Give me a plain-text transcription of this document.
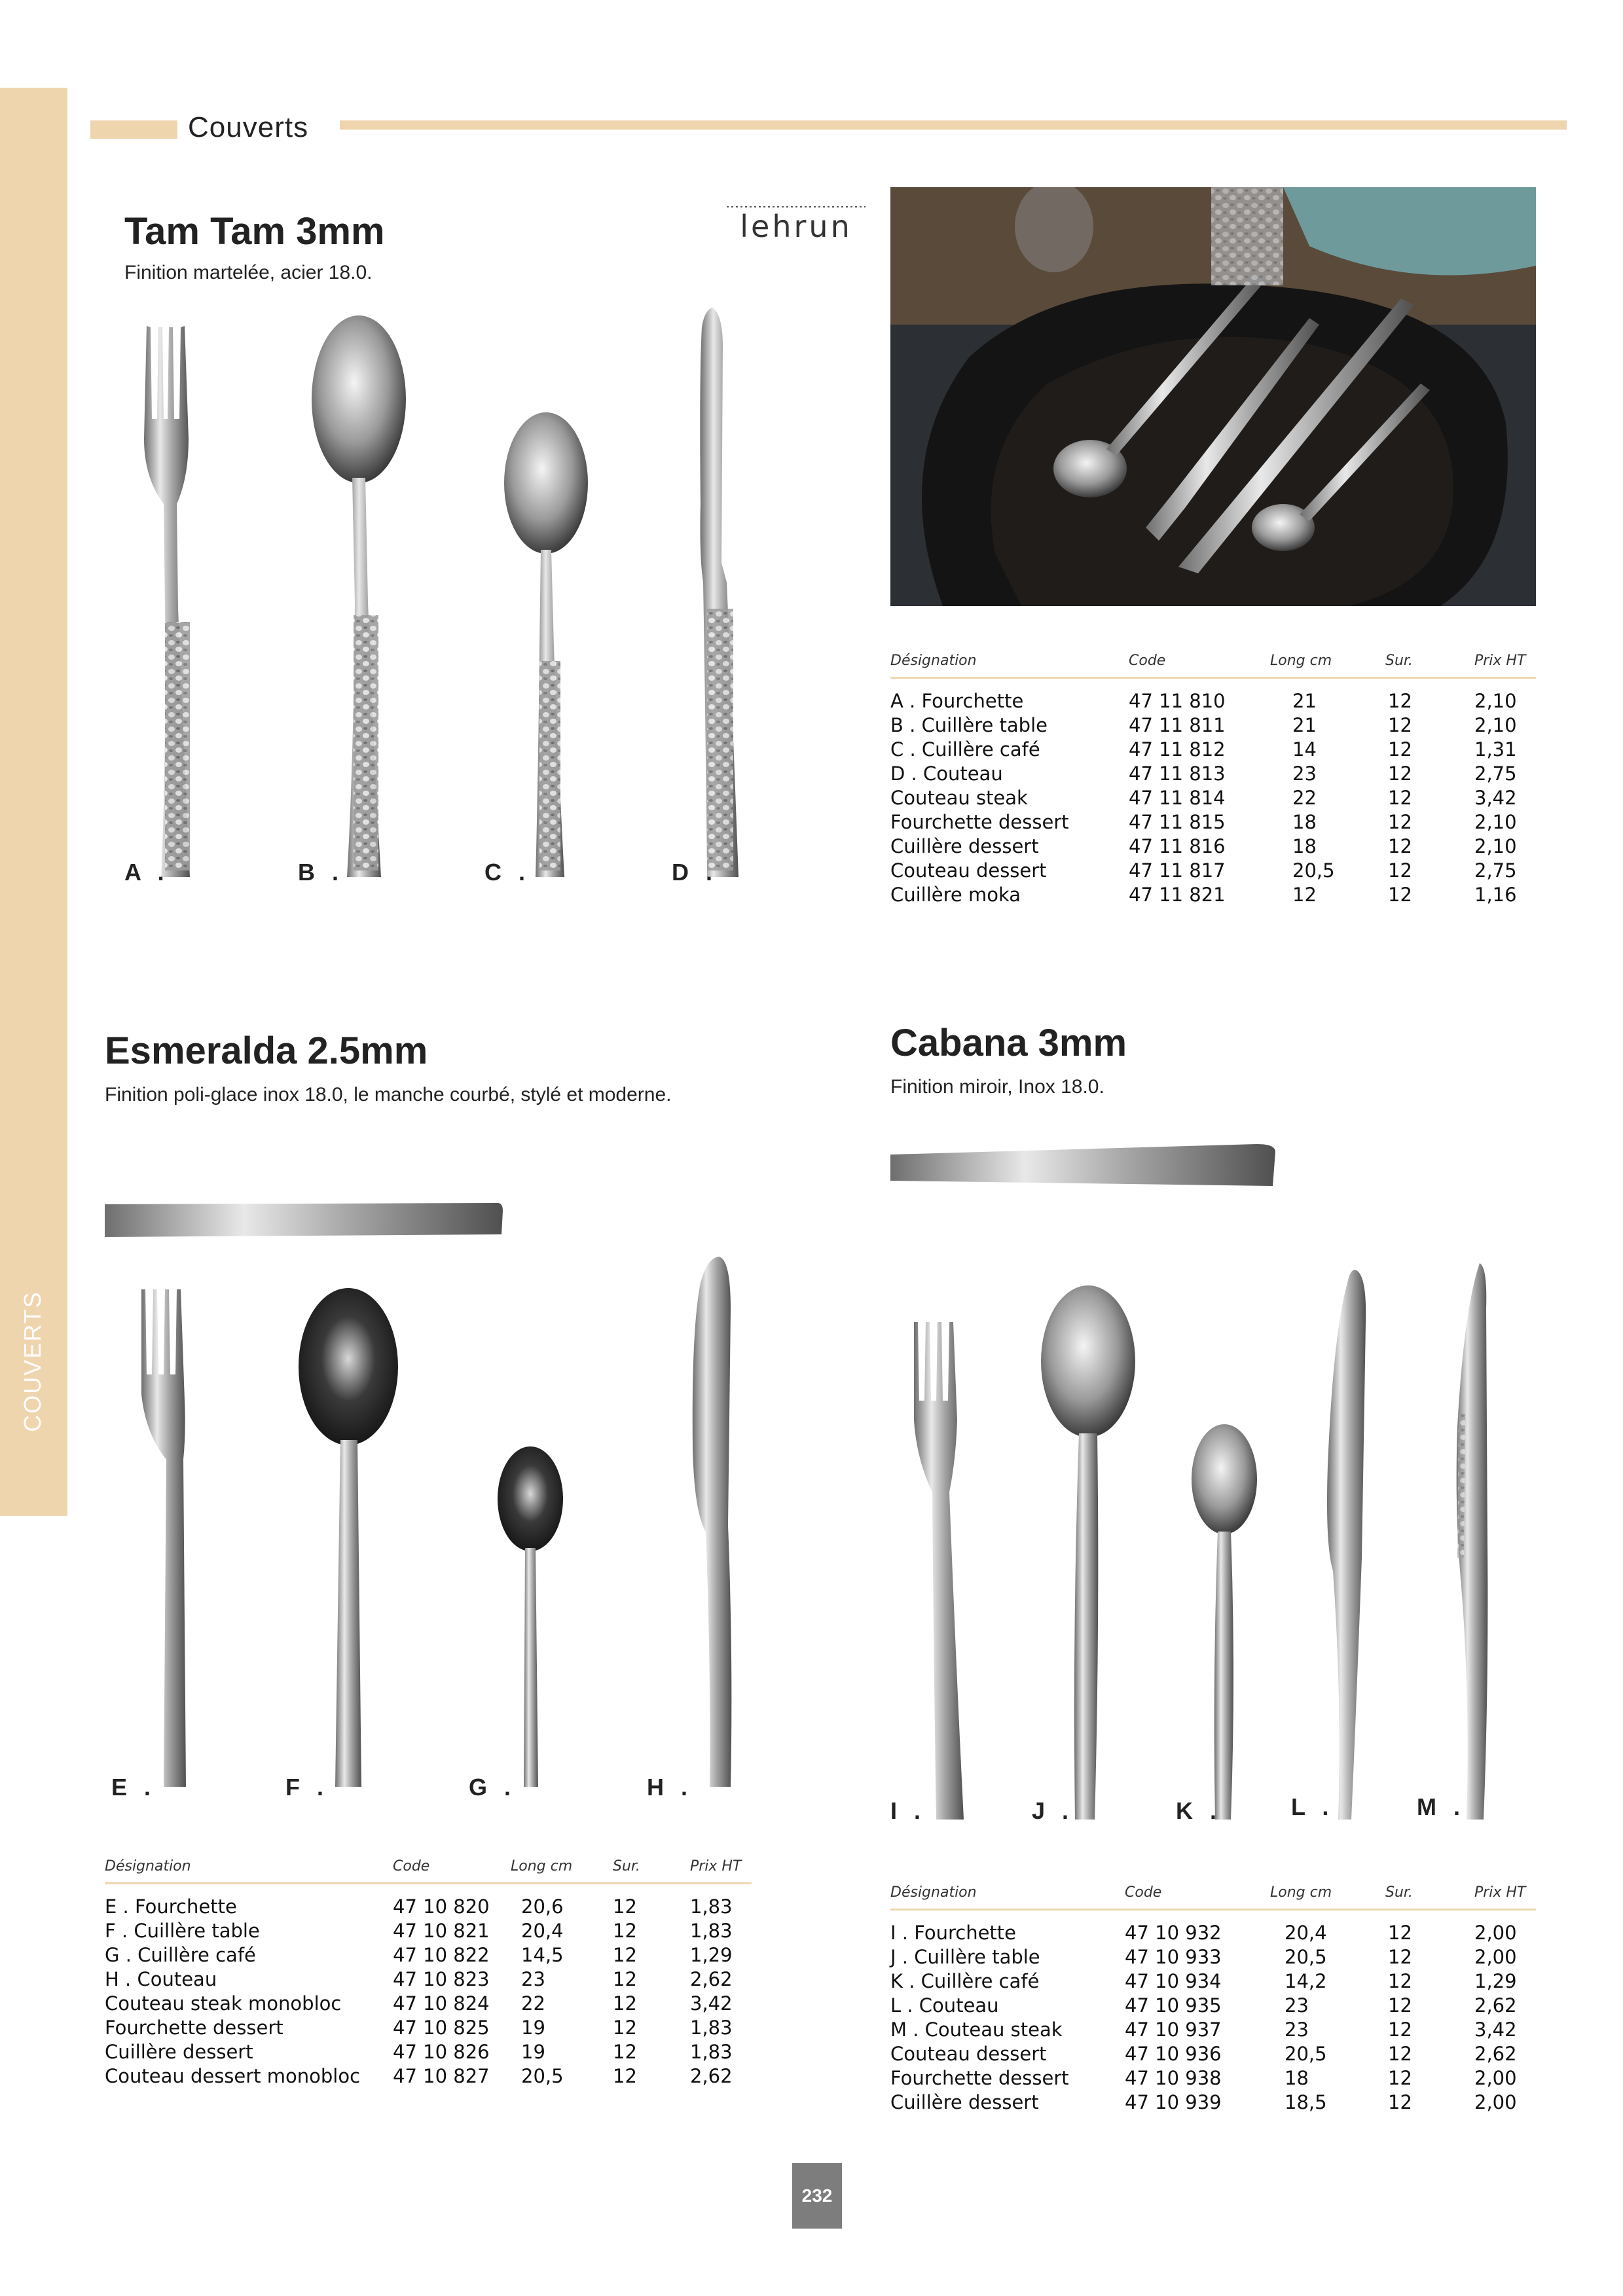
COUVERTS
Couverts
Tam Tam 3mm
Finition martelée, acier 18.0.
lehrun
A .	B .	C .	D .
Désignation	Code	Long cm	Sur.	Prix HT
A . Fourchette	47 11 810	21	12	2,10
B . Cuillère table	47 11 811	21	12	2,10
C . Cuillère café	47 11 812	14	12	1,31
D . Couteau	47 11 813	23	12	2,75
Couteau steak	47 11 814	22	12	3,42
Fourchette dessert	47 11 815	18	12	2,10
Cuillère dessert	47 11 816	18	12	2,10
Couteau dessert	47 11 817	20,5	12	2,75
Cuillère moka	47 11 821	12	12	1,16
Esmeralda 2.5mm
Finition poli-glace inox 18.0, le manche courbé, stylé et moderne.
E .	F .	G .	H .
Désignation	Code	Long cm	Sur.	Prix HT
E . Fourchette	47 10 820	20,6	12	1,83
F . Cuillère table	47 10 821	20,4	12	1,83
G . Cuillère café	47 10 822	14,5	12	1,29
H . Couteau	47 10 823	23	12	2,62
Couteau steak monobloc	47 10 824	22	12	3,42
Fourchette dessert	47 10 825	19	12	1,83
Cuillère dessert	47 10 826	19	12	1,83
Couteau dessert monobloc	47 10 827	20,5	12	2,62
Cabana 3mm
Finition miroir, Inox 18.0.
I .	J .	K .	L .	M .
Désignation	Code	Long cm	Sur.	Prix HT
I . Fourchette	47 10 932	20,4	12	2,00
J . Cuillère table	47 10 933	20,5	12	2,00
K . Cuillère café	47 10 934	14,2	12	1,29
L . Couteau	47 10 935	23	12	2,62
M . Couteau steak	47 10 937	23	12	3,42
Couteau dessert	47 10 936	20,5	12	2,62
Fourchette dessert	47 10 938	18	12	2,00
Cuillère dessert	47 10 939	18,5	12	2,00
232
